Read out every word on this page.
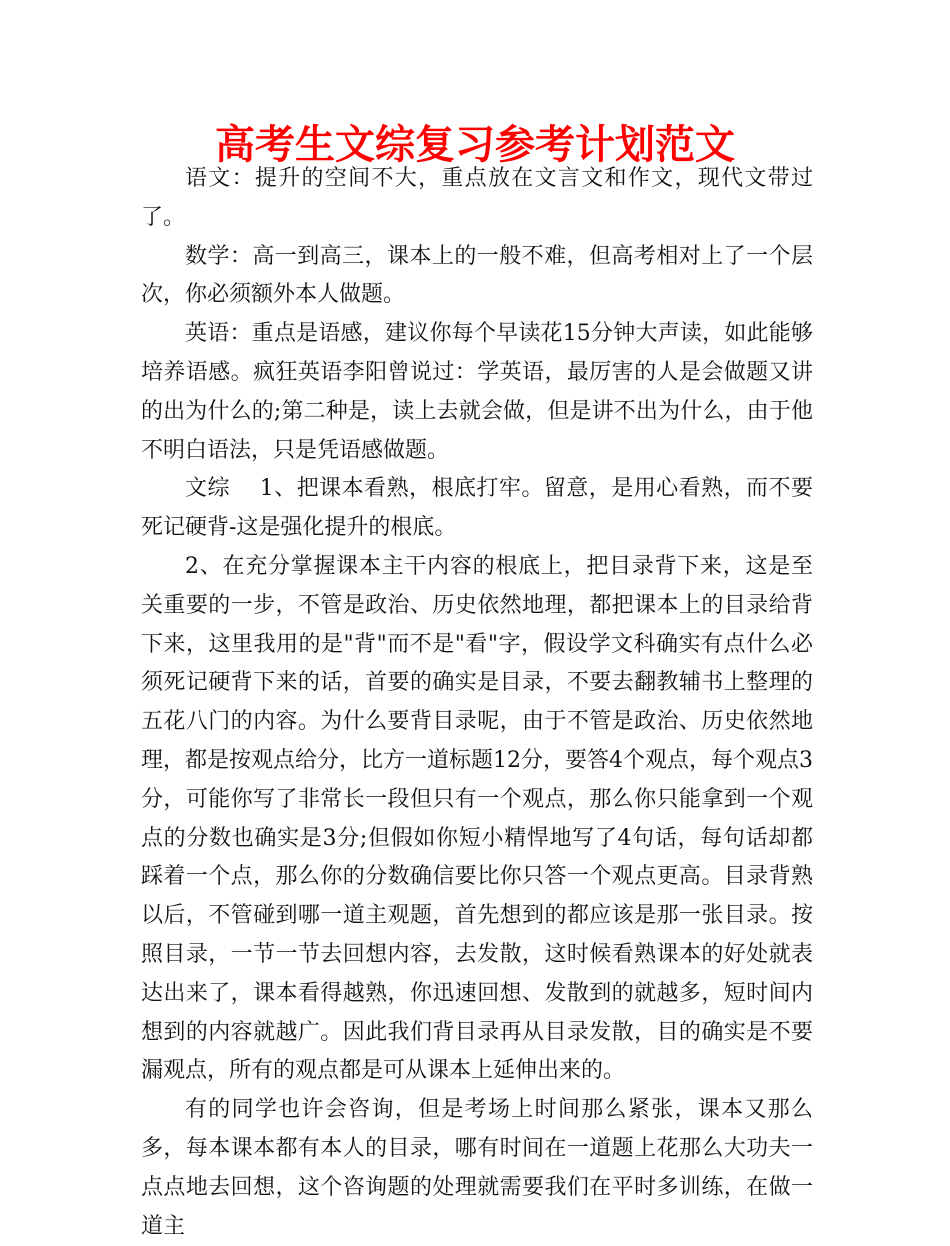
高考生文综复习参考计划范文

语文：提升的空间不大，重点放在文言文和作文，现代文带过了。

数学：高一到高三，课本上的一般不难，但高考相对上了一个层次，你必须额外本人做题。

英语：重点是语感，建议你每个早读花15分钟大声读，如此能够培养语感。疯狂英语李阳曾说过：学英语，最厉害的人是会做题又讲的出为什么的;第二种是，读上去就会做，但是讲不出为什么，由于他不明白语法，只是凭语感做题。

文综    1、把课本看熟，根底打牢。留意，是用心看熟，而不要死记硬背-这是强化提升的根底。

2、在充分掌握课本主干内容的根底上，把目录背下来，这是至关重要的一步，不管是政治、历史依然地理，都把课本上的目录给背下来，这里我用的是"背"而不是"看"字，假设学文科确实有点什么必须死记硬背下来的话，首要的确实是目录，不要去翻教辅书上整理的五花八门的内容。为什么要背目录呢，由于不管是政治、历史依然地理，都是按观点给分，比方一道标题12分，要答4个观点，每个观点3分，可能你写了非常长一段但只有一个观点，那么你只能拿到一个观点的分数也确实是3分;但假如你短小精悍地写了4句话，每句话却都踩着一个点，那么你的分数确信要比你只答一个观点更高。目录背熟以后，不管碰到哪一道主观题，首先想到的都应该是那一张目录。按照目录，一节一节去回想内容，去发散，这时候看熟课本的好处就表达出来了，课本看得越熟，你迅速回想、发散到的就越多，短时间内想到的内容就越广。因此我们背目录再从目录发散，目的确实是不要漏观点，所有的观点都是可从课本上延伸出来的。

有的同学也许会咨询，但是考场上时间那么紧张，课本又那么多，每本课本都有本人的目录，哪有时间在一道题上花那么大功夫一点点地去回想，这个咨询题的处理就需要我们在平时多训练，在做一道主
